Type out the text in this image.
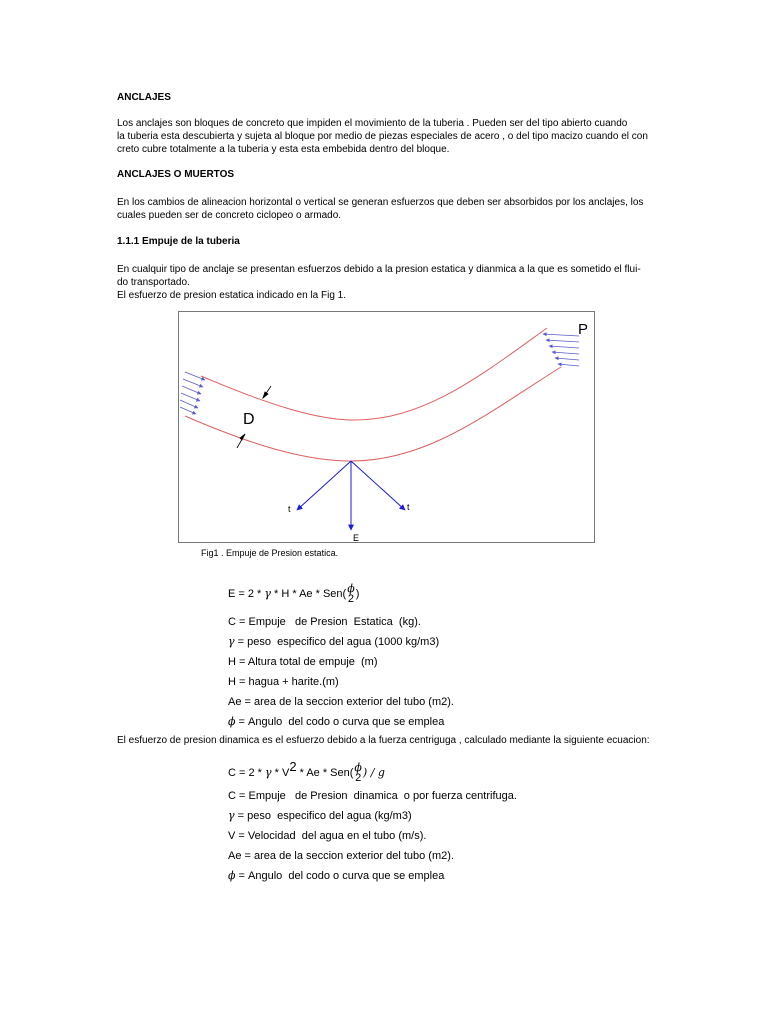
ANCLAJES
Los anclajes son bloques de concreto que impiden el movimiento de la tuberia . Pueden ser del tipo abierto cuando
la tuberia esta descubierta y sujeta al bloque por medio de piezas especiales de acero , o del tipo macizo cuando el con
creto cubre totalmente a la tuberia y esta esta embebida dentro del bloque.
ANCLAJES O MUERTOS
En los cambios de alineacion horizontal o vertical se generan esfuerzos que deben ser absorbidos por los anclajes, los
cuales pueden ser de concreto ciclopeo o armado.
1.1.1 Empuje de la tuberia
En cualquir tipo de anclaje se presentan esfuerzos debido a la presion estatica y dianmica a la que es sometido el flui-
do transportado.
El esfuerzo de presion estatica indicado en la Fig 1.
P
D
t	t
E
Fig1 . Empuje de Presion estatica.
E = 2 * γ * H * Ae * Sen( ϕ
2 )
C = Empuje   de Presion  Estatica  (kg).
γ = peso  especifico del agua (1000 kg/m3)
H = Altura total de empuje  (m)
H = hagua + harite.(m)
Ae = area de la seccion exterior del tubo (m2).
ϕ = Angulo  del codo o curva que se emplea
El esfuerzo de presion dinamica es el esfuerzo debido a la fuerza centriguga , calculado mediante la siguiente ecuacion:
C = 2 * γ * V2 * Ae * Sen( ϕ
2 ) / g
C = Empuje   de Presion  dinamica  o por fuerza centrifuga.
γ = peso  especifico del agua (kg/m3)
V = Velocidad  del agua en el tubo (m/s).
Ae = area de la seccion exterior del tubo (m2).
ϕ = Angulo  del codo o curva que se emplea
